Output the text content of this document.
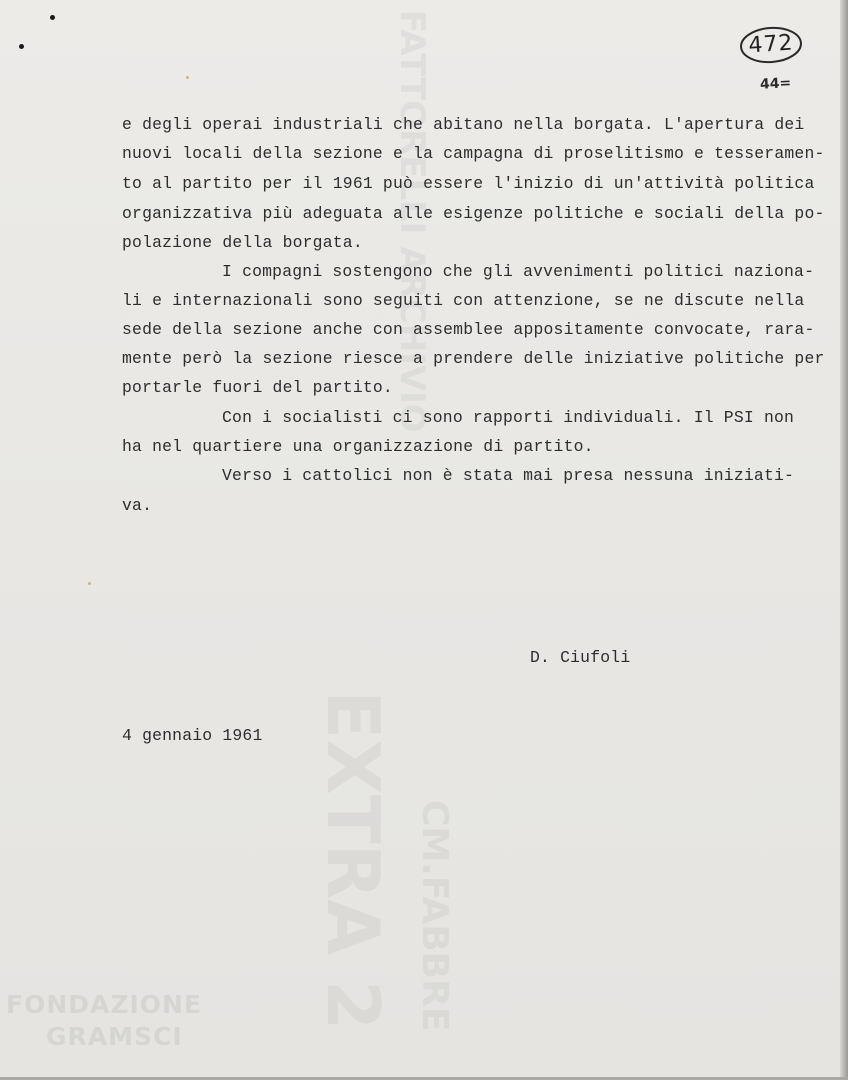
FATTORELLI ARCHIVIO
EXTRA 2 CM.FABBRE
472
44=
e degli operai industriali che abitano nella borgata. L'apertura dei
nuovi locali della sezione e la campagna di proselitismo e tesseramen-
to al partito per il 1961 può essere l'inizio di un'attività politica
organizzativa più adeguata alle esigenze politiche e sociali della po-
polazione della borgata.
I compagni sostengono che gli avvenimenti politici naziona-
li e internazionali sono seguiti con attenzione, se ne discute nella
sede della sezione anche con assemblee appositamente convocate, rara-
mente però la sezione riesce a prendere delle iniziative politiche per
portarle fuori del partito.
Con i socialisti ci sono rapporti individuali. Il PSI non
ha nel quartiere una organizzazione di partito.
Verso i cattolici non è stata mai presa nessuna iniziati-
va.
D. Ciufoli
4 gennaio 1961
FONDAZIONE
GRAMSCI
